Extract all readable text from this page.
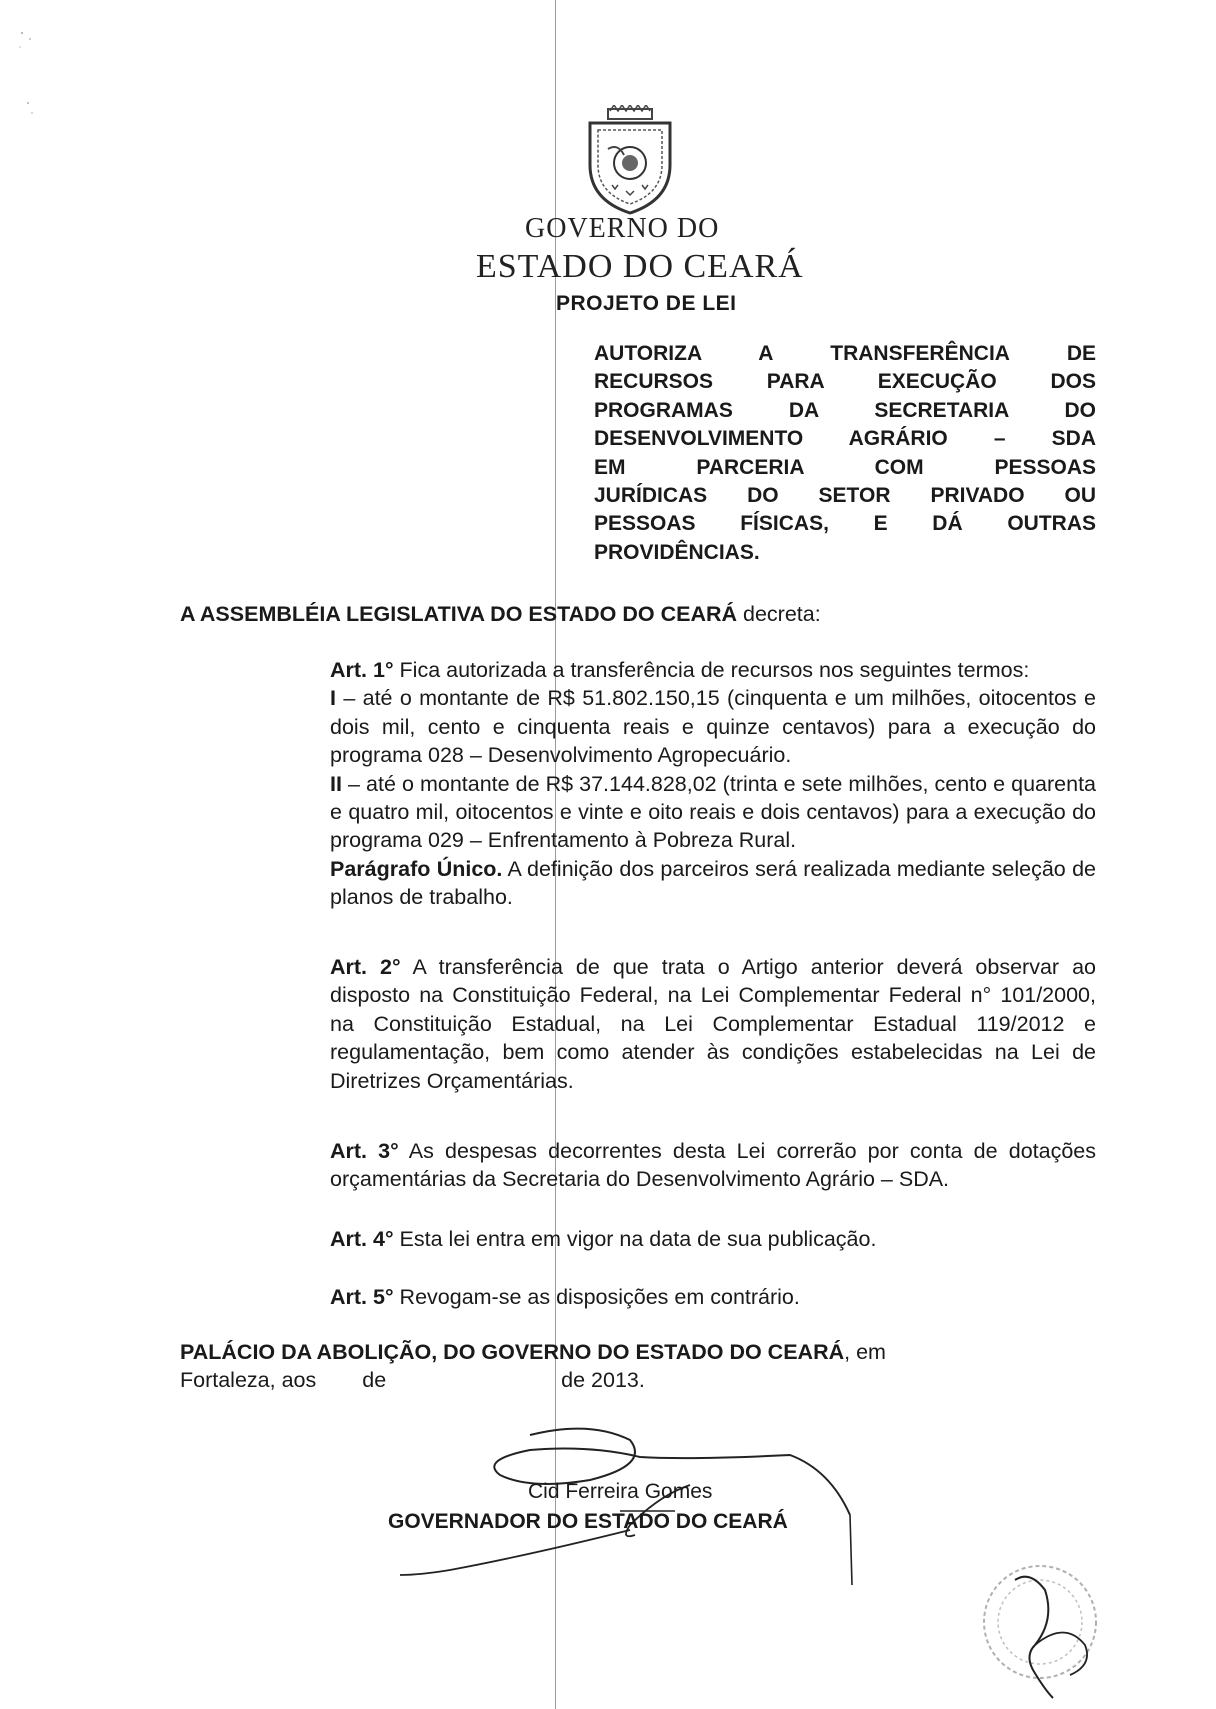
GOVERNO DO
ESTADO DO CEARÁ
PROJETO DE LEI
AUTORIZA A TRANSFERÊNCIA DE
RECURSOS PARA EXECUÇÃO DOS
PROGRAMAS DA SECRETARIA DO
DESENVOLVIMENTO AGRÁRIO – SDA
EM PARCERIA COM PESSOAS
JURÍDICAS DO SETOR PRIVADO OU
PESSOAS FÍSICAS, E DÁ OUTRAS
PROVIDÊNCIAS.
A ASSEMBLÉIA LEGISLATIVA DO ESTADO DO CEARÁ decreta:
Art. 1° Fica autorizada a transferência de recursos nos seguintes termos:
I – até o montante de R$ 51.802.150,15 (cinquenta e um milhões, oitocentos e dois mil, cento e cinquenta reais e quinze centavos) para a execução do programa 028 – Desenvolvimento Agropecuário.
II – até o montante de R$ 37.144.828,02 (trinta e sete milhões, cento e quarenta e quatro mil, oitocentos e vinte e oito reais e dois centavos) para a execução do programa 029 – Enfrentamento à Pobreza Rural.
Parágrafo Único. A definição dos parceiros será realizada mediante seleção de planos de trabalho.
Art. 2° A transferência de que trata o Artigo anterior deverá observar ao disposto na Constituição Federal, na Lei Complementar Federal n° 101/2000, na Constituição Estadual, na Lei Complementar Estadual 119/2012 e regulamentação, bem como atender às condições estabelecidas na Lei de Diretrizes Orçamentárias.
Art. 3° As despesas decorrentes desta Lei correrão por conta de dotações orçamentárias da Secretaria do Desenvolvimento Agrário – SDA.
Art. 4° Esta lei entra em vigor na data de sua publicação.
Art. 5° Revogam-se as disposições em contrário.
PALÁCIO DA ABOLIÇÃO, DO GOVERNO DO ESTADO DO CEARÁ, em
Fortaleza, aos de	de 2013.
Cid Ferreira Gomes
GOVERNADOR DO ESTADO DO CEARÁ
